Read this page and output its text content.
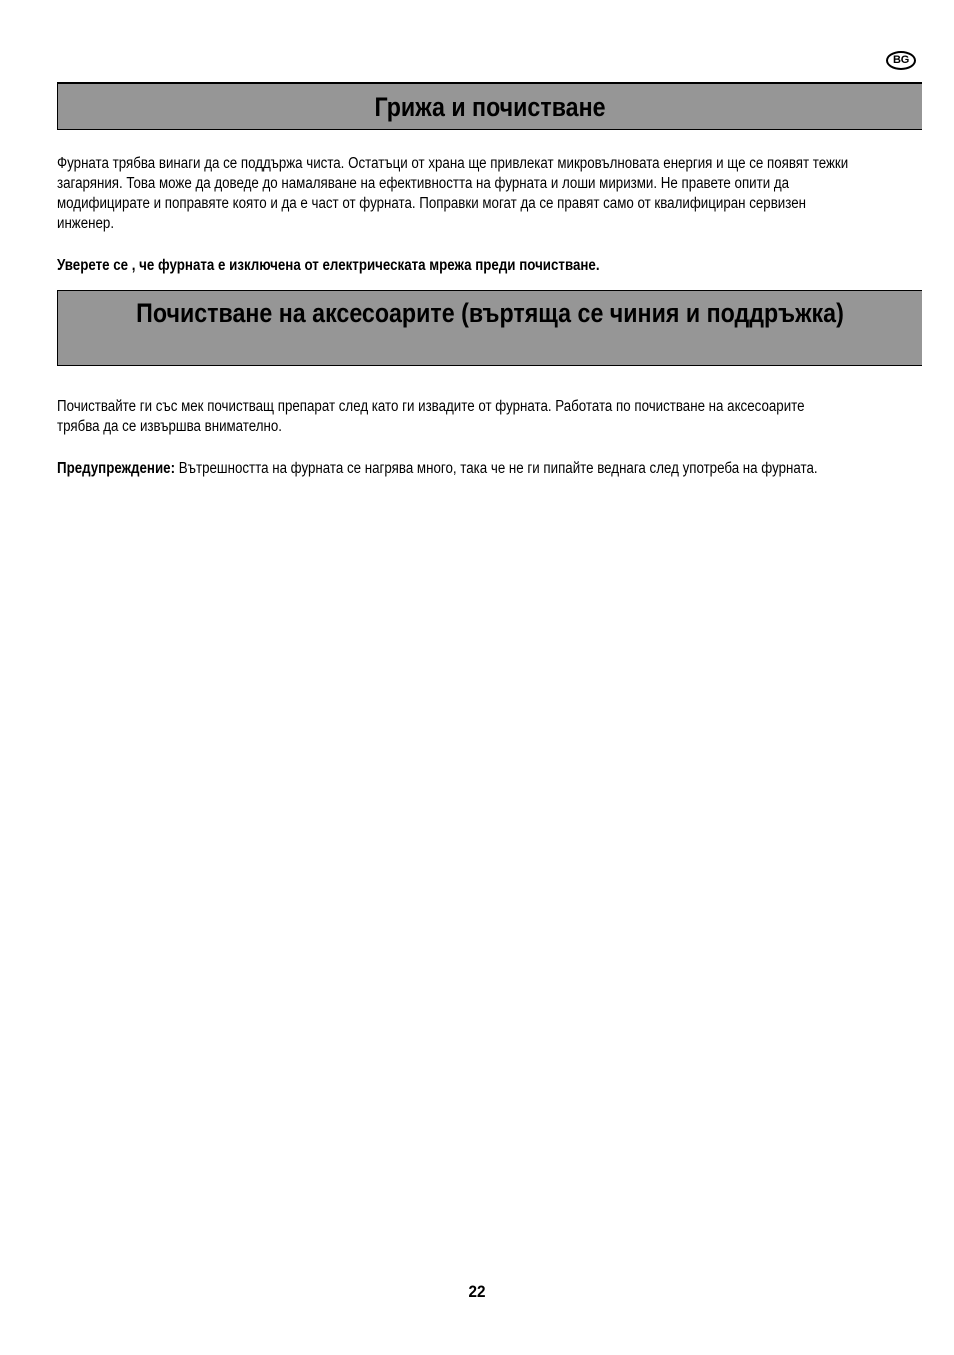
BG
Грижа и почистване

Фурната трябва винаги да се поддържа чиста. Остатъци от храна ще привлекат микровълновата енергия и ще се появят тежки
загаряния. Това може да доведе до намаляване на ефективността на фурната и лоши миризми. Не правете опити да
модифицирате и поправяте която и да е част от фурната. Поправки могат да се правят само от квалифициран сервизен
инженер.

Уверете се , че фурната е изключена от електрическата мрежа преди почистване.

Почистване на аксесоарите (въртяща се чиния и поддръжка)

Почиствайте ги със мек почистващ препарат след като ги извадите от фурната. Работата по почистване на аксесоарите
трябва да се извършва внимателно.

Предупреждение: Вътрешността на фурната се нагрява много, така че не ги пипайте веднага след употреба на фурната.

22
